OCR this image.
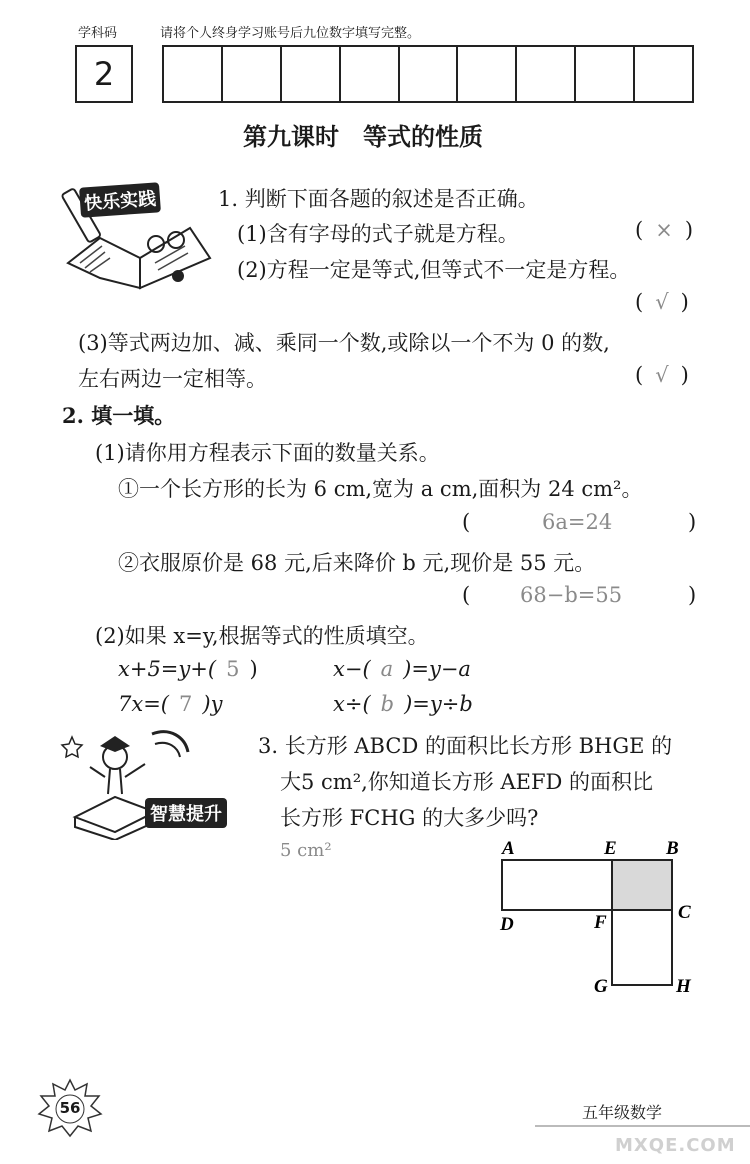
学科码	请将个人终身学习账号后九位数字填写完整。
2
第九课时　等式的性质
快乐实践	1. 判断下面各题的叙述是否正确。
(1)含有字母的式子就是方程。	( × )
(2)方程一定是等式,但等式不一定是方程。
( √ )
(3)等式两边加、减、乘同一个数,或除以一个不为 0 的数,
左右两边一定相等。	( √ )
2. 填一填。
(1)请你用方程表示下面的数量关系。
①一个长方形的长为 6 cm,宽为 a cm,面积为 24 cm²。
(	6a=24	)
②衣服原价是 68 元,后来降价 b 元,现价是 55 元。
( 68−b=55	)
(2)如果 x=y,根据等式的性质填空。
x+5=y+( 5 )	x−( a )=y−a
7x=( 7 )y	x÷( b )=y÷b
智慧提升
3. 长方形 ABCD 的面积比长方形 BHGE 的
大5 cm²,你知道长方形 AEFD 的面积比
长方形 FCHG 的大多少吗?
5 cm²	A	E	B
D	F	C
G	H
56	五年级数学
MXQE.COM
